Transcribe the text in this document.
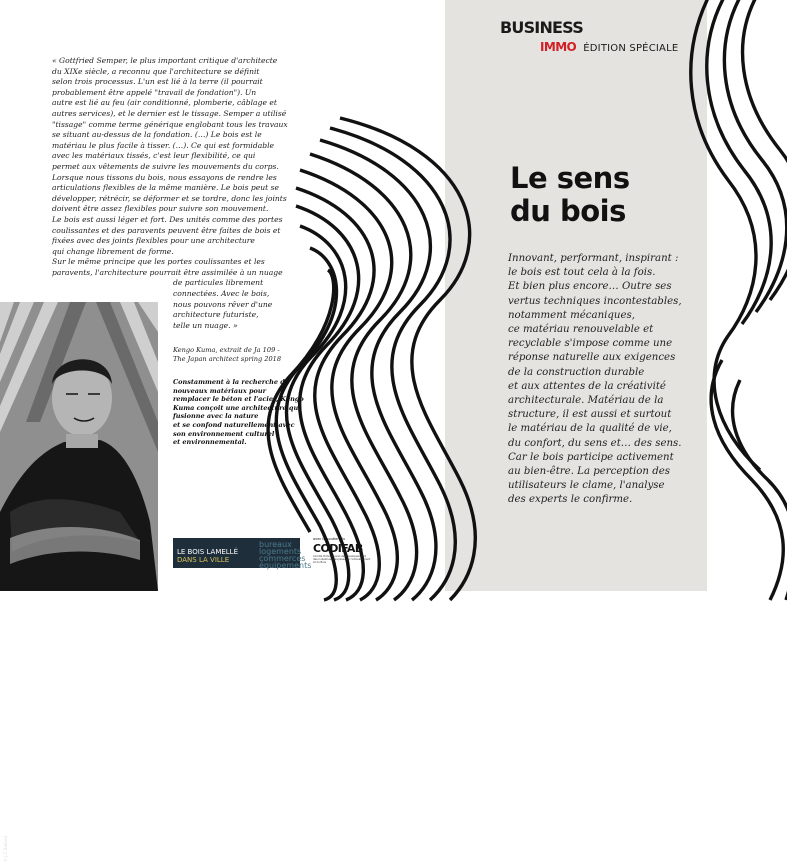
« Gottfried Semper, le plus important critique d'architecte

du XIXe siècle, a reconnu que l'architecture se définit

selon trois processus. L'un est lié à la terre (il pourrait

probablement être appelé "travail de fondation"). Un

autre est lié au feu (air conditionné, plomberie, câblage et

autres services), et le dernier est le tissage. Semper a utilisé

"tissage" comme terme générique englobant tous les travaux

se situant au-dessus de la fondation. (…) Le bois est le

matériau le plus facile à tisser. (…). Ce qui est formidable

avec les matériaux tissés, c'est leur flexibilité, ce qui

permet aux vêtements de suivre les mouvements du corps.

Lorsque nous tissons du bois, nous essayons de rendre les

articulations flexibles de la même manière. Le bois peut se

développer, rétrécir, se déformer et se tordre, donc les joints

doivent être assez flexibles pour suivre son mouvement.

Le bois est aussi léger et fort. Des unités comme des portes

coulissantes et des paravents peuvent être faites de bois et

fixées avec des joints flexibles pour une architecture

qui change librement de forme.

Sur le même principe que les portes coulissantes et les

paravents, l'architecture pourrait être assimilée à un nuage

de particules librement

connectées. Avec le bois,

nous pouvons rêver d'une

architecture futuriste,

telle un nuage. »

Kengo Kuma, extrait de Ja 109 -
The Japan architect spring 2018
Constamment à la recherche de
nouveaux matériaux pour
remplacer le béton et l'acier, Kengo
Kuma conçoit une architecture qui
fusionne avec la nature
et se confond naturellement avec
son environnement culturel
et environnemental.
© J.C.Sadaco
BUSINESS
IMMO ÉDITION SPÉCIALE
Le sens
du bois
Innovant, performant, inspirant :
le bois est tout cela à la fois.
Et bien plus encore… Outre ses
vertus techniques incontestables,
notamment mécaniques,
ce matériau renouvelable et
recyclable s'impose comme une
réponse naturelle aux exigences
de la construction durable
et aux attentes de la créativité
architecturale. Matériau de la
structure, il est aussi et surtout
le matériau de la qualité de vie,
du confort, du sens et… des sens.
Car le bois participe activement
au bien-être. La perception des
utilisateurs le clame, l'analyse
des experts le confirme.
LE BOIS LAMELLÉ
DANS LA VILLE
bureaux
logements
commerces
équipements
avec le soutien du
CODIFAB
Comité Professionnel de Développement des Industries Françaises de l'Ameublement et du Bois
